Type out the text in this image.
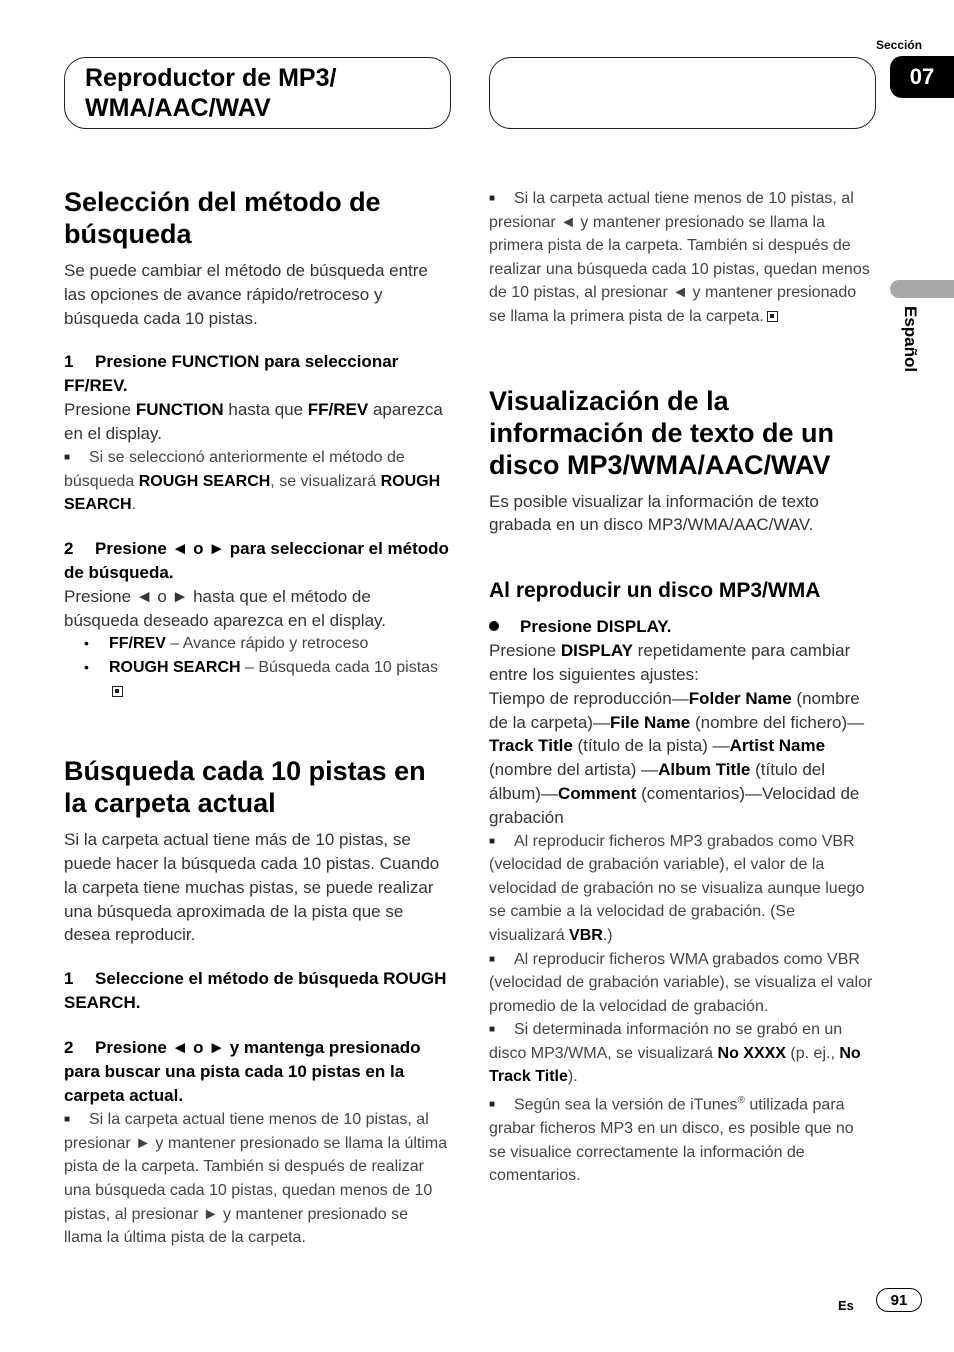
Reproductor de MP3/
WMA/AAC/WAV
Sección
07
Español
Selección del método de búsqueda

Se puede cambiar el método de búsqueda entre las opciones de avance rápido/retroceso y búsqueda cada 10 pistas.

1 Presione FUNCTION para seleccionar FF/REV.

Presione FUNCTION hasta que FF/REV aparezca en el display.

■ Si se seleccionó anteriormente el método de búsqueda ROUGH SEARCH, se visualizará ROUGH SEARCH.
2 Presione ◄ o ► para seleccionar el método de búsqueda.

Presione ◄ o ► hasta que el método de búsqueda deseado aparezca en el display.

• FF/REV – Avance rápido y retroceso
• ROUGH SEARCH – Búsqueda cada 10 pistas
Búsqueda cada 10 pistas en la carpeta actual

Si la carpeta actual tiene más de 10 pistas, se puede hacer la búsqueda cada 10 pistas. Cuando la carpeta tiene muchas pistas, se puede realizar una búsqueda aproximada de la pista que se desea reproducir.

1 Seleccione el método de búsqueda ROUGH SEARCH.
2 Presione ◄ o ► y mantenga presionado para buscar una pista cada 10 pistas en la carpeta actual.
■ Si la carpeta actual tiene menos de 10 pistas, al presionar ► y mantener presionado se llama la última pista de la carpeta. También si después de realizar una búsqueda cada 10 pistas, quedan menos de 10 pistas, al presionar ► y mantener presionado se llama la última pista de la carpeta.
■ Si la carpeta actual tiene menos de 10 pistas, al presionar ◄ y mantener presionado se llama la primera pista de la carpeta. También si después de realizar una búsqueda cada 10 pistas, quedan menos de 10 pistas, al presionar ◄ y mantener presionado se llama la primera pista de la carpeta.
Visualización de la información de texto de un disco MP3/WMA/AAC/WAV

Es posible visualizar la información de texto grabada en un disco MP3/WMA/AAC/WAV.

Al reproducir un disco MP3/WMA
Presione DISPLAY.

Presione DISPLAY repetidamente para cambiar entre los siguientes ajustes:

Tiempo de reproducción—Folder Name (nombre de la carpeta)—File Name (nombre del fichero)—Track Title (título de la pista) —Artist Name (nombre del artista) —Album Title (título del álbum)—Comment (comentarios)—Velocidad de grabación

■ Al reproducir ficheros MP3 grabados como VBR (velocidad de grabación variable), el valor de la velocidad de grabación no se visualiza aunque luego se cambie a la velocidad de grabación. (Se visualizará VBR.)
■ Al reproducir ficheros WMA grabados como VBR (velocidad de grabación variable), se visualiza el valor promedio de la velocidad de grabación.
■ Si determinada información no se grabó en un disco MP3/WMA, se visualizará No XXXX (p. ej., No Track Title).
■ Según sea la versión de iTunes® utilizada para grabar ficheros MP3 en un disco, es posible que no se visualice correctamente la información de comentarios.
Es	91
